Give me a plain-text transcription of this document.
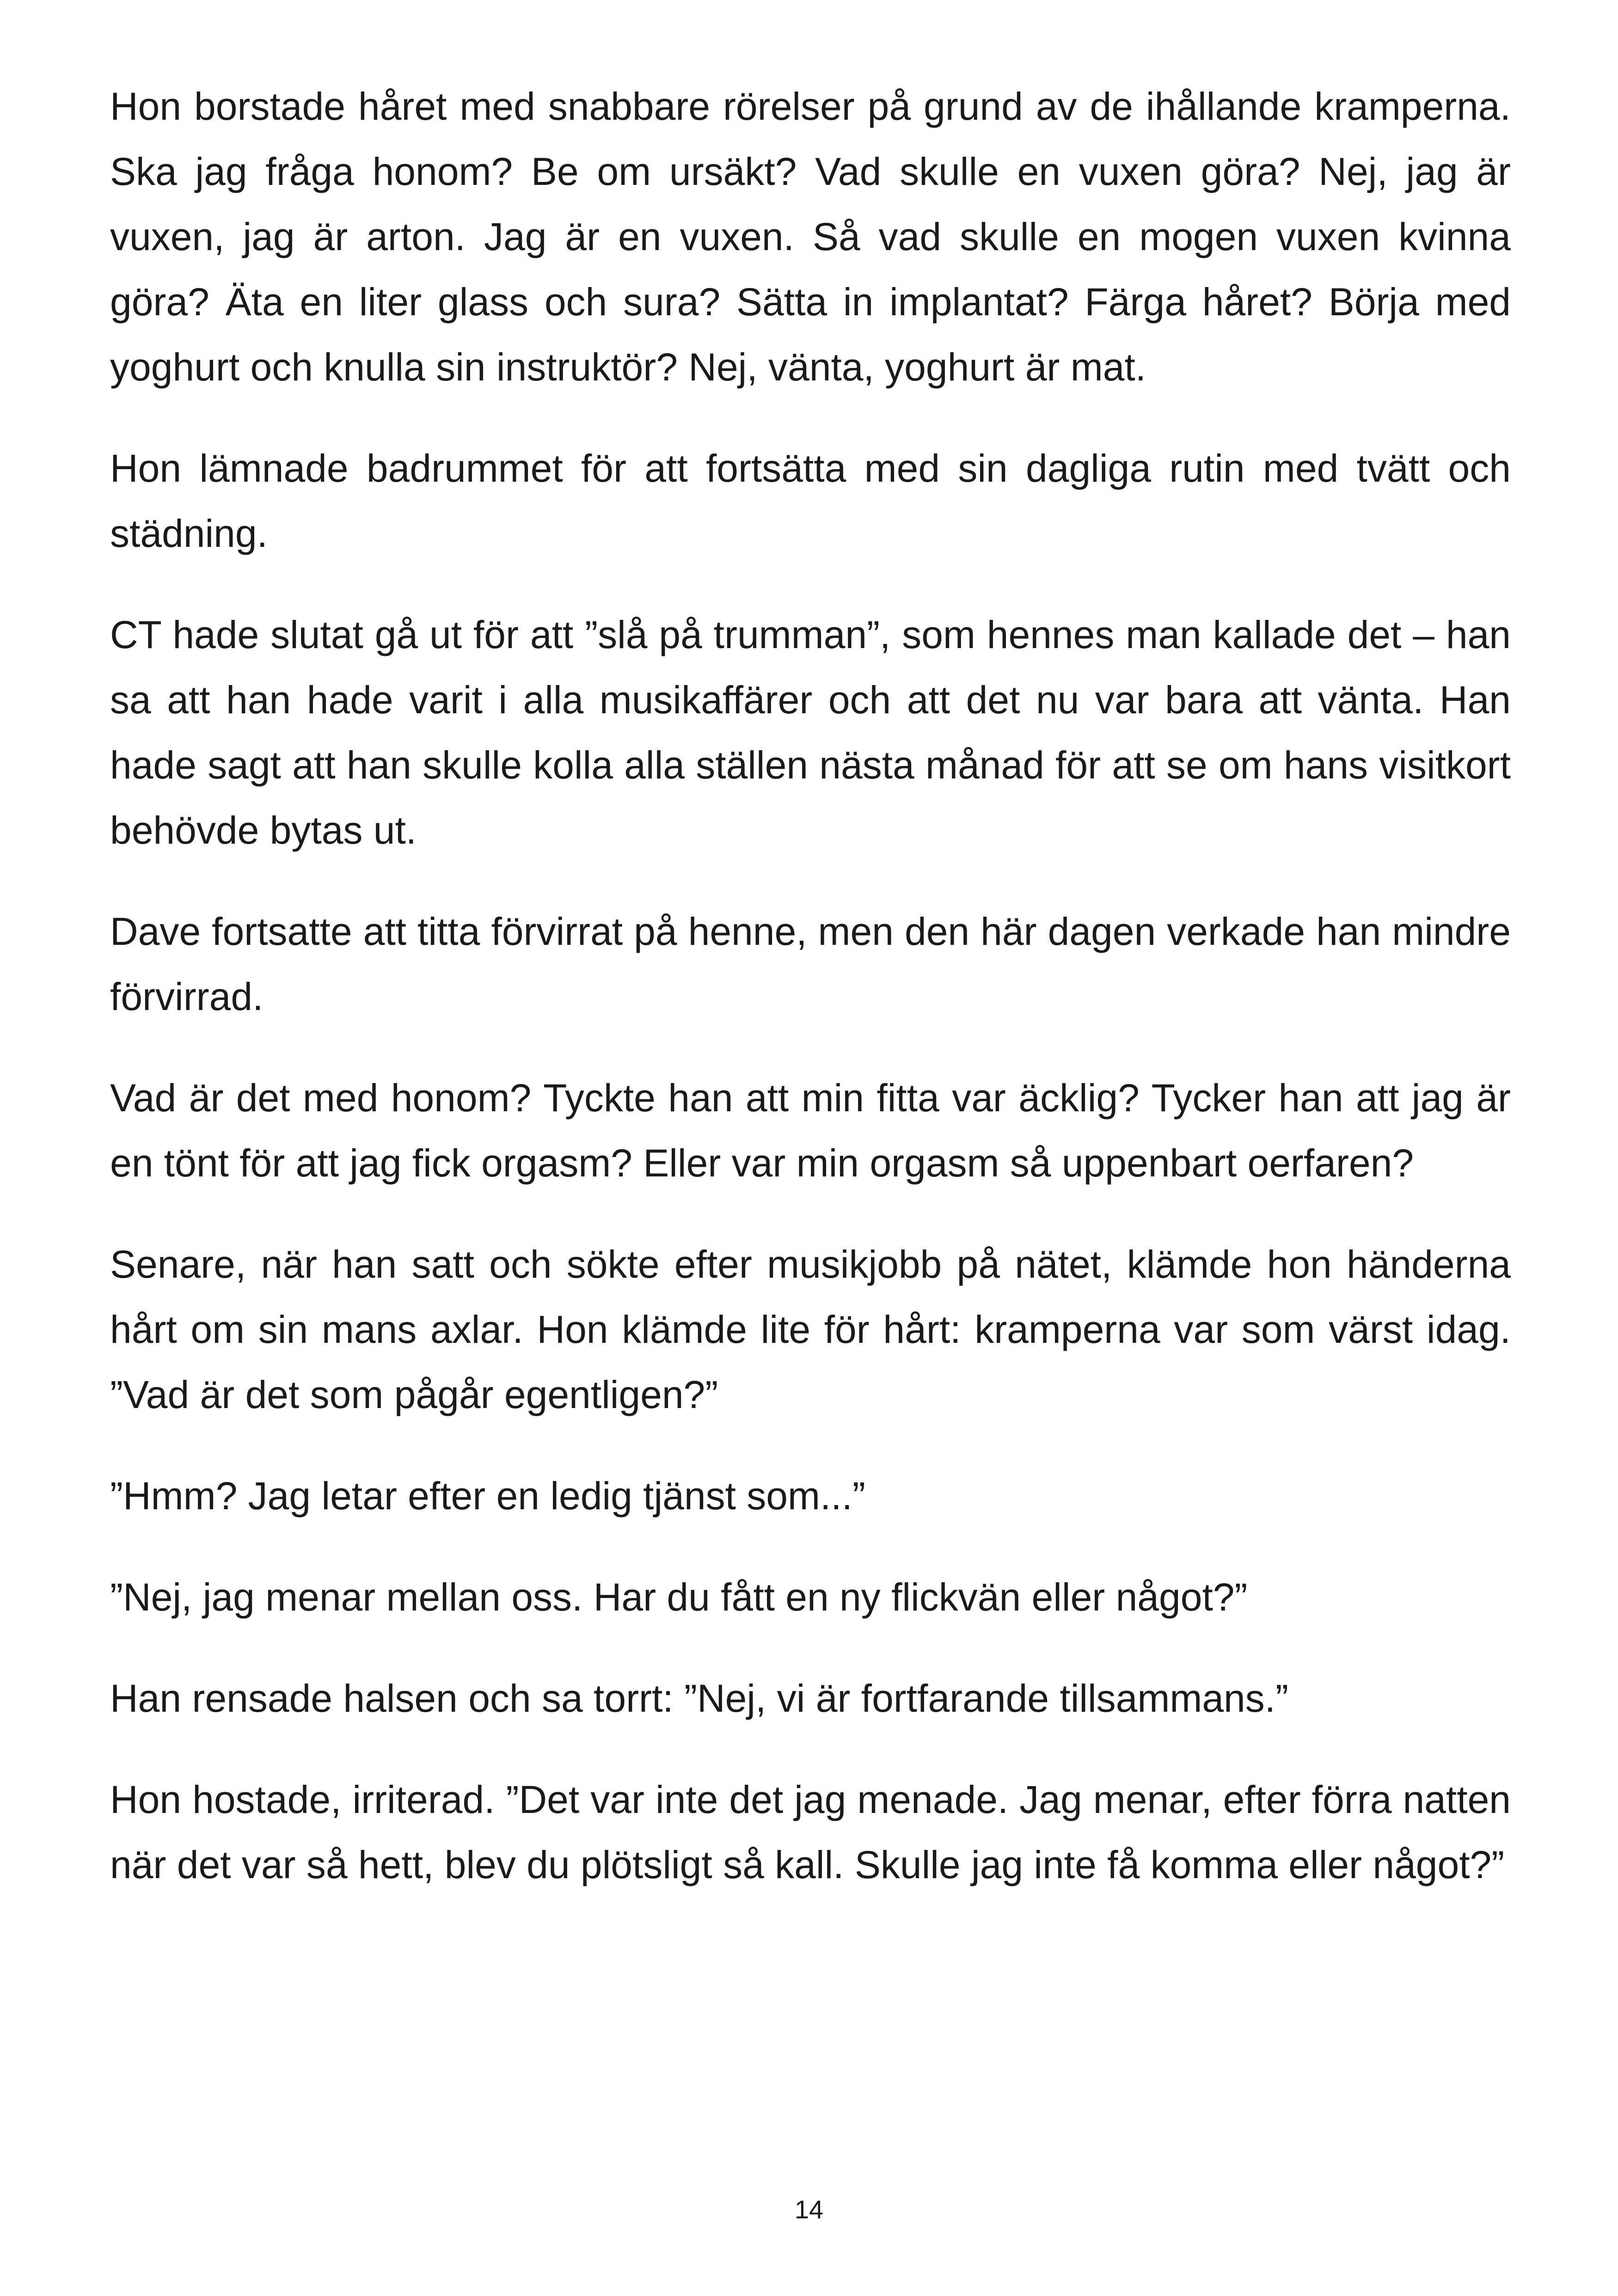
Hon borstade håret med snabbare rörelser på grund av de ihållande kramperna. Ska jag fråga honom? Be om ursäkt? Vad skulle en vuxen göra? Nej, jag är vuxen, jag är arton. Jag är en vuxen. Så vad skulle en mogen vuxen kvinna göra? Äta en liter glass och sura? Sätta in implantat? Färga håret? Börja med yoghurt och knulla sin instruktör? Nej, vänta, yoghurt är mat.

Hon lämnade badrummet för att fortsätta med sin dagliga rutin med tvätt och städning.

CT hade slutat gå ut för att ”slå på trumman”, som hennes man kallade det – han sa att han hade varit i alla musikaffärer och att det nu var bara att vänta. Han hade sagt att han skulle kolla alla ställen nästa månad för att se om hans visitkort behövde bytas ut.

Dave fortsatte att titta förvirrat på henne, men den här dagen verkade han mindre förvirrad.

Vad är det med honom? Tyckte han att min fitta var äcklig? Tycker han att jag är en tönt för att jag fick orgasm? Eller var min orgasm så uppenbart oerfaren?

Senare, när han satt och sökte efter musikjobb på nätet, klämde hon händerna hårt om sin mans axlar. Hon klämde lite för hårt: kramperna var som värst idag. ”Vad är det som pågår egentligen?”

”Hmm? Jag letar efter en ledig tjänst som...”

”Nej, jag menar mellan oss. Har du fått en ny flickvän eller något?”

Han rensade halsen och sa torrt: ”Nej, vi är fortfarande tillsammans.”

Hon hostade, irriterad. ”Det var inte det jag menade. Jag menar, efter förra natten när det var så hett, blev du plötsligt så kall. Skulle jag inte få komma eller något?”

14
